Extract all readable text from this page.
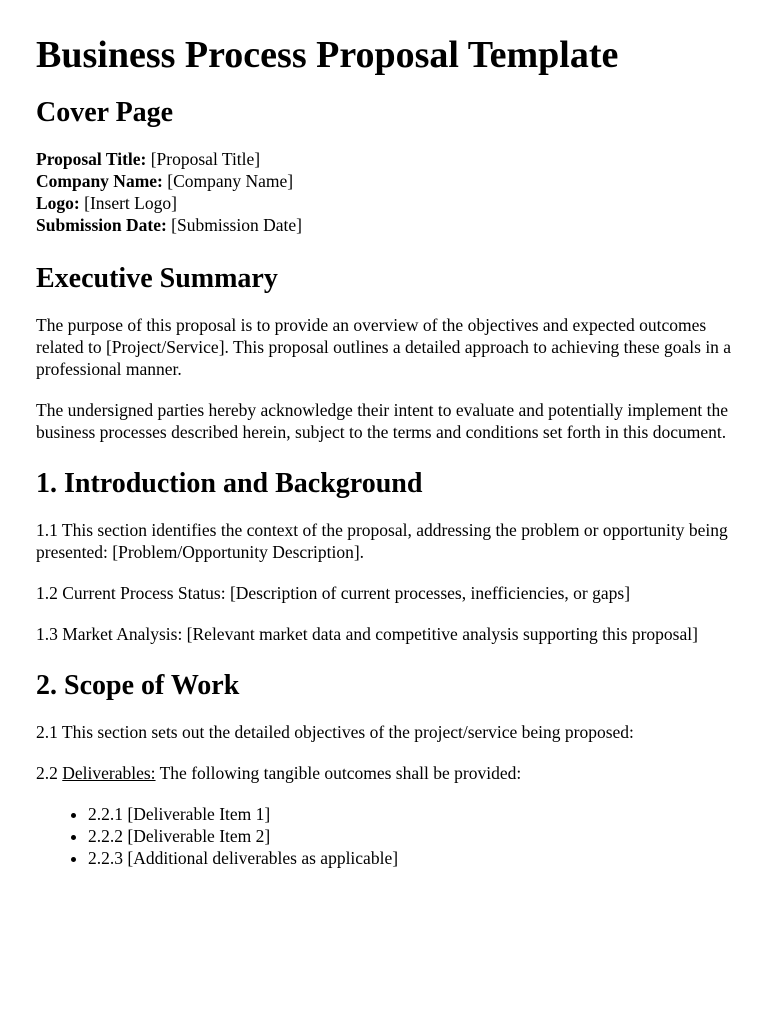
Business Process Proposal Template
Cover Page
Proposal Title: [Proposal Title]
Company Name: [Company Name]
Logo: [Insert Logo]
Submission Date: [Submission Date]
Executive Summary

The purpose of this proposal is to provide an overview of the objectives and expected outcomes related to [Project/Service]. This proposal outlines a detailed approach to achieving these goals in a professional manner.

The undersigned parties hereby acknowledge their intent to evaluate and potentially implement the business processes described herein, subject to the terms and conditions set forth in this document.

1. Introduction and Background

1.1 This section identifies the context of the proposal, addressing the problem or opportunity being presented: [Problem/Opportunity Description].

1.2 Current Process Status: [Description of current processes, inefficiencies, or gaps]

1.3 Market Analysis: [Relevant market data and competitive analysis supporting this proposal]

2. Scope of Work

2.1 This section sets out the detailed objectives of the project/service being proposed:

2.2 Deliverables: The following tangible outcomes shall be provided:

• 2.2.1 [Deliverable Item 1]
• 2.2.2 [Deliverable Item 2]
• 2.2.3 [Additional deliverables as applicable]
